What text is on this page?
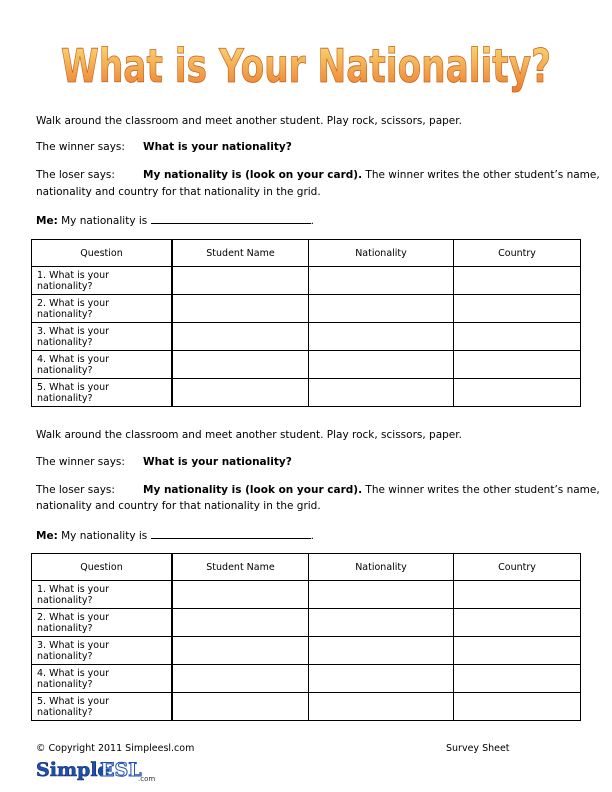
What is Your Nationality?
Walk around the classroom and meet another student. Play rock, scissors, paper.
The winner says: What is your nationality?
The loser says:	My nationality is (look on your card). The winner writes the other student’s name,
nationality and country for that nationality in the grid.
Me: My nationality is	.
Question	Student Name	Nationality	Country
1. What is your nationality?			
2. What is your nationality?			
3. What is your nationality?			
4. What is your nationality?			
5. What is your nationality?			
Walk around the classroom and meet another student. Play rock, scissors, paper.
The winner says: What is your nationality?
The loser says:	My nationality is (look on your card). The winner writes the other student’s name,
nationality and country for that nationality in the grid.
Me: My nationality is	.
Question	Student Name	Nationality	Country
1. What is your nationality?			
2. What is your nationality?			
3. What is your nationality?			
4. What is your nationality?			
5. What is your nationality?			
© Copyright 2011 Simpleesl.com	Survey Sheet
Simple
ESL
.com
